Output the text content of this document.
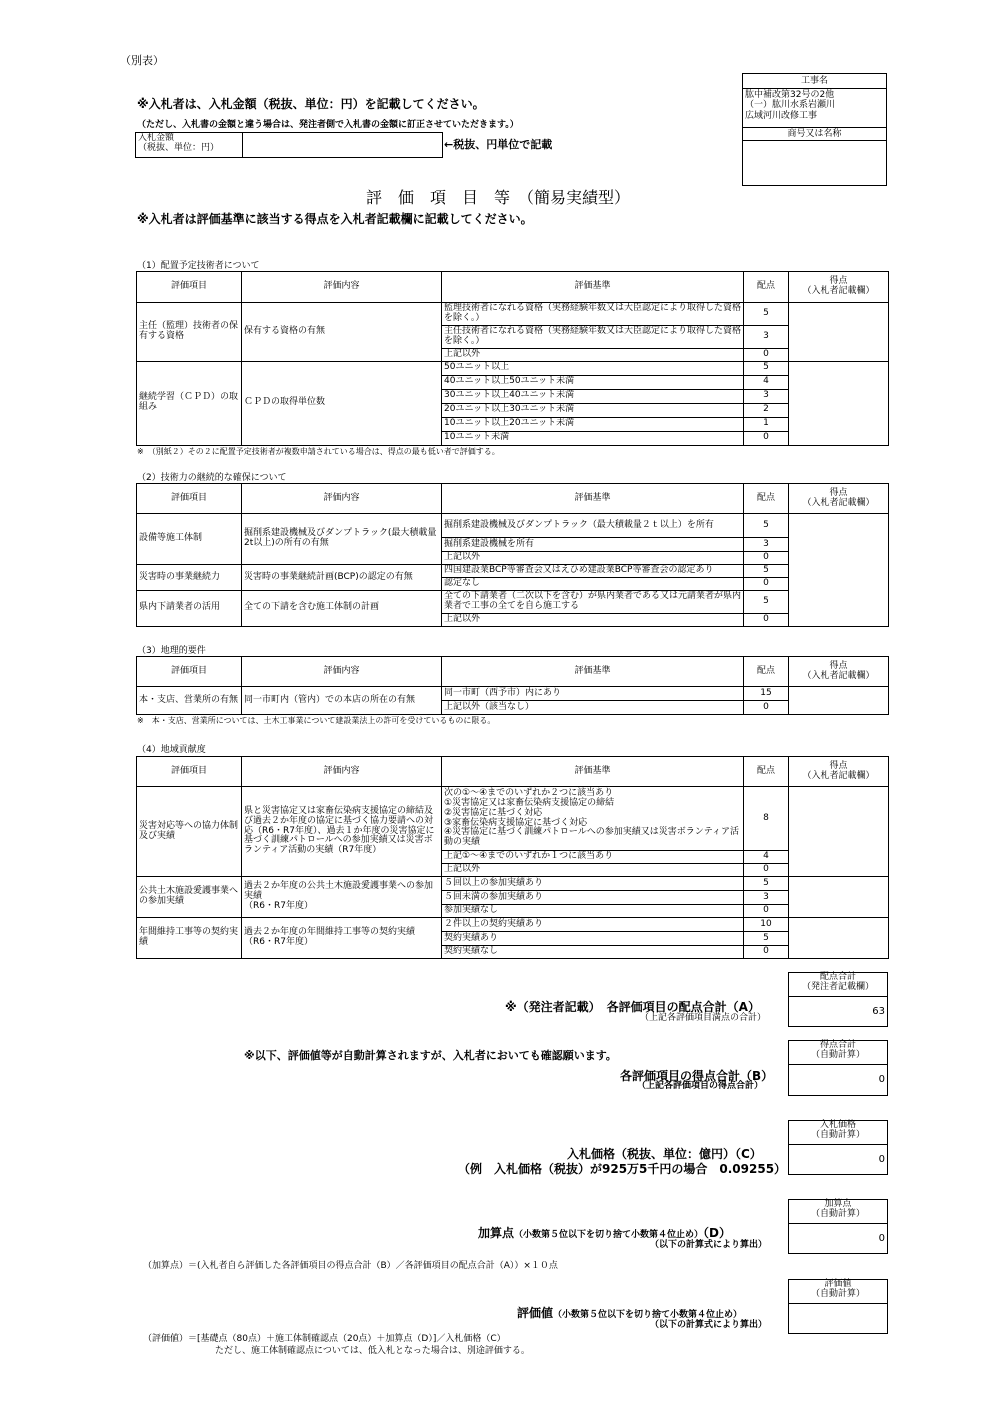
（別表）
※入札者は、入札金額（税抜、単位：円）を記載してください。
（ただし、入札書の金額と違う場合は、発注者側で入札書の金額に訂正させていただきます。）
入札金額
（税抜、単位：円）	←税抜、円単位で記載
工事名
肱中補改第32号の2他
（一）肱川水系岩瀬川
広域河川改修工事
商号又は名称
評　価　項　目　等　（簡易実績型）
※入札者は評価基準に該当する得点を入札者記載欄に記載してください。
（1）配置予定技術者について
評価項目	評価内容	評価基準	配点	得点
（入札者記載欄）

主任（監理）技術者の保有する資格	保有する資格の有無	監理技術者になれる資格（実務経験年数又は大臣認定により取得した資格を除く。）	5	
		主任技術者になれる資格（実務経験年数又は大臣認定により取得した資格を除く。）	3	
		上記以外	0	
継続学習（ＣＰＤ）の取組み	ＣＰＤの取得単位数	50ユニット以上	5	
		40ユニット以上50ユニット未満	4	
		30ユニット以上40ユニット未満	3	
		20ユニット以上30ユニット未満	2	
		10ユニット以上20ユニット未満	1	
		10ユニット未満	0	
※　（別紙２）その２に配置予定技術者が複数申請されている場合は、得点の最も低い者で評価する。
（2）技術力の継続的な確保について
評価項目	評価内容	評価基準	配点	得点
（入札者記載欄）

設備等施工体制	掘削系建設機械及びダンプトラック(最大積載量2t以上)の所有の有無	掘削系建設機械及びダンプトラック（最大積載量２ｔ以上）を所有	5	
		掘削系建設機械を所有	3	
		上記以外	0	
災害時の事業継続力	災害時の事業継続計画(BCP)の認定の有無	四国建設業BCP等審査会又はえひめ建設業BCP等審査会の認定あり	5	
		認定なし	0	
県内下請業者の活用	全ての下請を含む施工体制の計画	全ての下請業者（二次以下を含む）が県内業者である又は元請業者が県内業者で工事の全てを自ら施工する	5	
		上記以外	0	
（3）地理的要件
評価項目	評価内容	評価基準	配点	得点
（入札者記載欄）

本・支店、営業所の有無	同一市町内（管内）での本店の所在の有無	同一市町（西予市）内にあり	15	
		上記以外（該当なし）	0	
※　本・支店、営業所については、土木工事業について建設業法上の許可を受けているものに限る。
（4）地域貢献度
評価項目	評価内容	評価基準	配点	得点
（入札者記載欄）

災害対応等への協力体制及び実績	県と災害協定又は家畜伝染病支援協定の締結及び過去２か年度の協定に基づく協力要請への対応（R6・R7年度）、過去１か年度の災害協定に基づく訓練パトロールへの参加実績又は災害ボランティア活動の実績（R7年度）	次の①～④までのいずれか２つに該当あり
①災害協定又は家畜伝染病支援協定の締結
②災害協定に基づく対応
③家畜伝染病支援協定に基づく対応
④災害協定に基づく訓練パトロールへの参加実績又は災害ボランティア活動の実績	8	
		上記①～④までのいずれか１つに該当あり	4	
		上記以外	0	
公共土木施設愛護事業への参加実績	過去２か年度の公共土木施設愛護事業への参加実績
（R6・R7年度）	５回以上の参加実績あり	5	
		５回未満の参加実績あり	3	
		参加実績なし	0	
年間維持工事等の契約実績	過去２か年度の年間維持工事等の契約実績
（R6・R7年度）	２件以上の契約実績あり	10	
		契約実績あり	5	
		契約実績なし	0	
配点合計
（発注者記載欄）
63
※（発注者記載）　各評価項目の配点合計（A）
（上記各評価項目満点の合計）
※以下、評価値等が自動計算されますが、入札者においても確認願います。
得点合計
（自動計算）
0
各評価項目の得点合計（B）
（上記各評価項目の得点合計）
入札価格
（自動計算）
0
入札価格（税抜、単位：億円）（C）
（例　入札価格（税抜）が925万5千円の場合　0.09255）
加算点
（自動計算）
0
加算点（小数第５位以下を切り捨て小数第４位止め）（D）
（以下の計算式により算出）
（加算点）＝(入札者自ら評価した各評価項目の得点合計（B）／各評価項目の配点合計（A））×１０点
評価値
（自動計算）
評価値（小数第５位以下を切り捨て小数第４位止め）
（以下の計算式により算出）
（評価値）＝[基礎点（80点）＋施工体制確認点（20点）＋加算点（D）]／入札価格（C）
ただし、施工体制確認点については、低入札となった場合は、別途評価する。
